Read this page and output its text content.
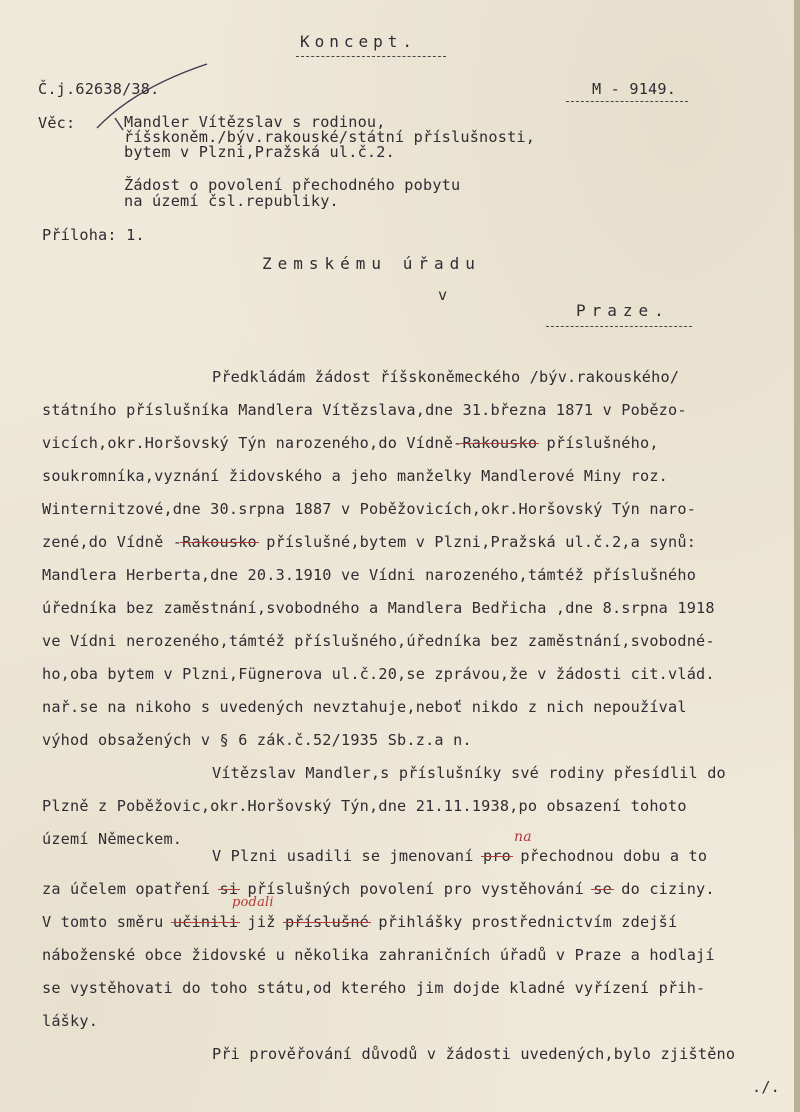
Koncept.
Č.j.62638/38.	M - 9149.
Věc:	Mandler Vítězslav s rodinou,
říšskoněm./býv.rakouské/státní příslušnosti,
bytem v Plzni,Pražská ul.č.2.
Žádost o povolení přechodného pobytu
na území čsl.republiky.
Příloha: 1.
Zemskému úřadu
v
Praze.
Předkládám žádost říšskoněmeckého /býv.rakouského/
státního příslušníka Mandlera Vítězslava,dne 31.března 1871 v Pobězo-
vicích,okr.Horšovský Týn narozeného,do Vídně-Rakousko příslušného,
soukromníka,vyznání židovského a jeho manželky Mandlerové Miny roz.
Winternitzové,dne 30.srpna 1887 v Poběžovicích,okr.Horšovský Týn naro-
zené,do Vídně -Rakousko příslušné,bytem v Plzni,Pražská ul.č.2,a synů:
Mandlera Herberta,dne 20.3.1910 ve Vídni narozeného,támtéž příslušného
úředníka bez zaměstnání,svobodného a Mandlera Bedřicha ,dne 8.srpna 1918
ve Vídni nerozeného,támtéž příslušného,úředníka bez zaměstnání,svobodné-
ho,oba bytem v Plzni,Fügnerova ul.č.20,se zprávou,že v žádosti cit.vlád.
nař.se na nikoho s uvedených nevztahuje,neboť nikdo z nich nepoužíval
výhod obsažených v § 6 zák.č.52/1935 Sb.z.a n.
Vítězslav Mandler,s příslušníky své rodiny přesídlil do
Plzně z Poběžovic,okr.Horšovský Týn,dne 21.11.1938,po obsazení tohoto
území Německem.	na
V Plzni usadili se jmenovaní pro přechodnou dobu a to
za účelem opatření si příslušných povolení pro vystěhování se do ciziny.
podali
V tomto směru učinili již příslušné přihlášky prostřednictvím zdejší
náboženské obce židovské u několika zahraničních úřadů v Praze a hodlají
se vystěhovati do toho státu,od kterého jim dojde kladné vyřízení přih-
lášky.
Při prověřování důvodů v žádosti uvedených,bylo zjištěno
./.
